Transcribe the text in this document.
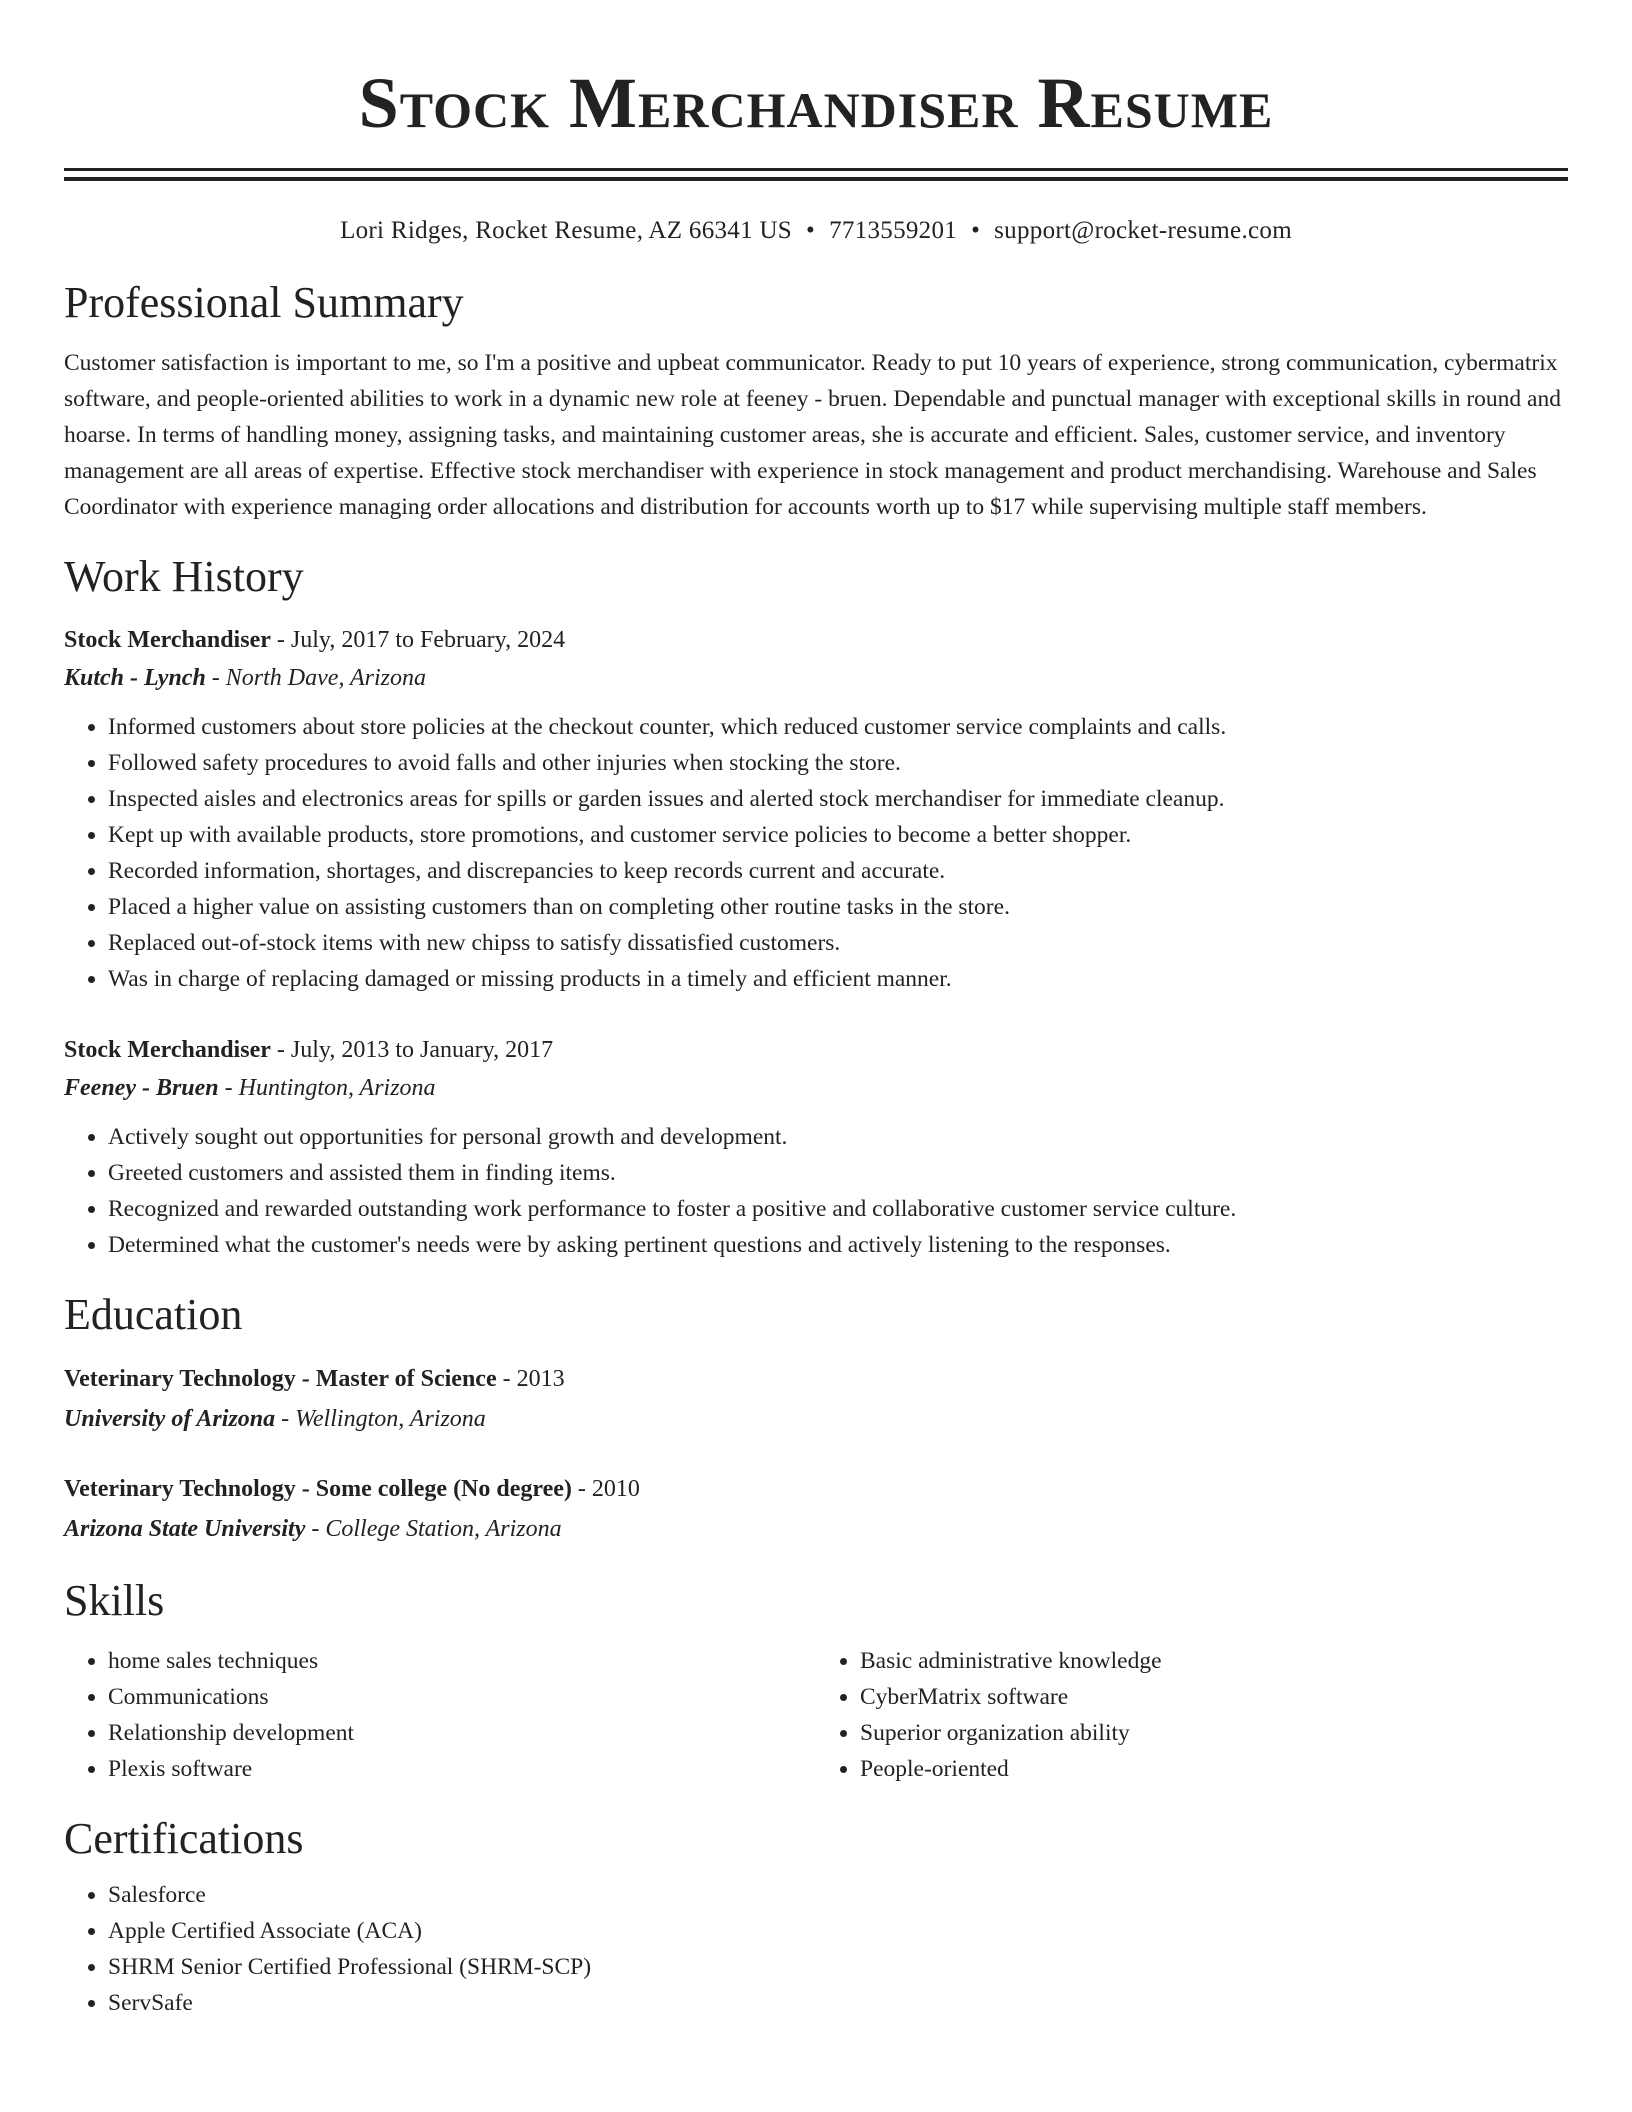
Stock Merchandiser Resume
Lori Ridges, Rocket Resume, AZ 66341 US • 7713559201 • support@rocket-resume.com
Professional Summary
Customer satisfaction is important to me, so I'm a positive and upbeat communicator. Ready to put 10 years of experience, strong communication, cybermatrix software, and people-oriented abilities to work in a dynamic new role at feeney - bruen. Dependable and punctual manager with exceptional skills in round and hoarse. In terms of handling money, assigning tasks, and maintaining customer areas, she is accurate and efficient. Sales, customer service, and inventory management are all areas of expertise. Effective stock merchandiser with experience in stock management and product merchandising. Warehouse and Sales Coordinator with experience managing order allocations and distribution for accounts worth up to $17 while supervising multiple staff members.
Work History
Stock Merchandiser - July, 2017 to February, 2024
Kutch - Lynch - North Dave, Arizona
• Informed customers about store policies at the checkout counter, which reduced customer service complaints and calls.
• Followed safety procedures to avoid falls and other injuries when stocking the store.
• Inspected aisles and electronics areas for spills or garden issues and alerted stock merchandiser for immediate cleanup.
• Kept up with available products, store promotions, and customer service policies to become a better shopper.
• Recorded information, shortages, and discrepancies to keep records current and accurate.
• Placed a higher value on assisting customers than on completing other routine tasks in the store.
• Replaced out-of-stock items with new chipss to satisfy dissatisfied customers.
• Was in charge of replacing damaged or missing products in a timely and efficient manner.
Stock Merchandiser - July, 2013 to January, 2017
Feeney - Bruen - Huntington, Arizona
• Actively sought out opportunities for personal growth and development.
• Greeted customers and assisted them in finding items.
• Recognized and rewarded outstanding work performance to foster a positive and collaborative customer service culture.
• Determined what the customer's needs were by asking pertinent questions and actively listening to the responses.
Education
Veterinary Technology - Master of Science - 2013
University of Arizona - Wellington, Arizona
Veterinary Technology - Some college (No degree) - 2010
Arizona State University - College Station, Arizona
Skills
• home sales techniques
• Communications
• Relationship development
• Plexis software
• Basic administrative knowledge
• CyberMatrix software
• Superior organization ability
• People-oriented
Certifications
• Salesforce
• Apple Certified Associate (ACA)
• SHRM Senior Certified Professional (SHRM-SCP)
• ServSafe
